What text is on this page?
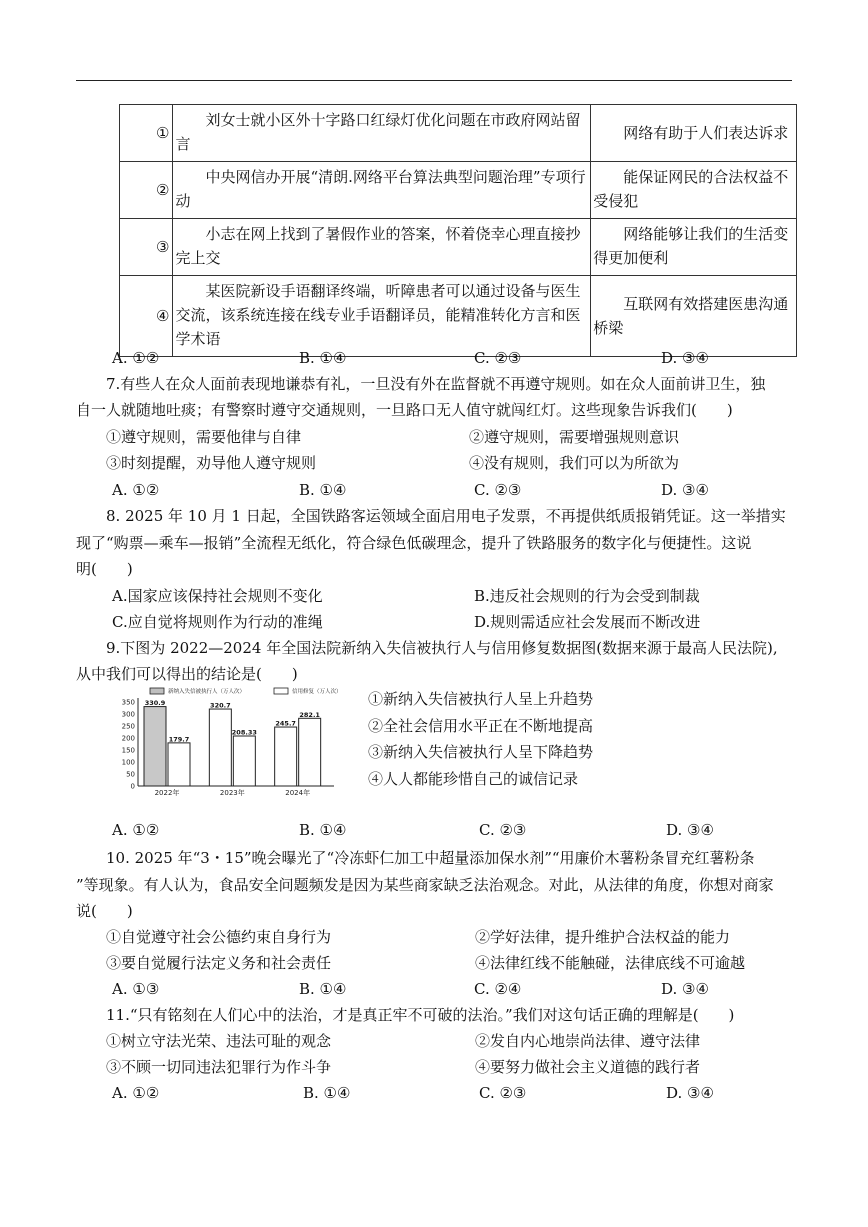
①	刘女士就小区外十字路口红绿灯优化问题在市政府网站留言	网络有助于人们表达诉求
②	中央网信办开展“清朗.网络平台算法典型问题治理”专项行动	能保证网民的合法权益不受侵犯
③	小志在网上找到了暑假作业的答案，怀着侥幸心理直接抄完上交	网络能够让我们的生活变得更加便利
④	某医院新设手语翻译终端，听障患者可以通过设备与医生交流，该系统连接在线专业手语翻译员，能精准转化方言和医学术语	互联网有效搭建医患沟通桥梁
A. ①②	B. ①④	C. ②③	D. ③④
7.有些人在众人面前表现地谦恭有礼，一旦没有外在监督就不再遵守规则。如在众人面前讲卫生，独
自一人就随地吐痰；有警察时遵守交通规则，一旦路口无人值守就闯红灯。这些现象告诉我们(　　)
①遵守规则，需要他律与自律	②遵守规则，需要增强规则意识
③时刻提醒，劝导他人遵守规则	④没有规则，我们可以为所欲为
A. ①②	B. ①④	C. ②③	D. ③④
8. 2025 年 10 月 1 日起，全国铁路客运领域全面启用电子发票，不再提供纸质报销凭证。这一举措实
现了“购票—乘车—报销”全流程无纸化，符合绿色低碳理念，提升了铁路服务的数字化与便捷性。这说
明(　　)
A.国家应该保持社会规则不变化	B.违反社会规则的行为会受到制裁
C.应自觉将规则作为行动的准绳	D.规则需适应社会发展而不断改进
9.下图为 2022—2024 年全国法院新纳入失信被执行人与信用修复数据图(数据来源于最高人民法院),
从中我们可以得出的结论是(　　)
350
300
250
200
150
100
50
0
新纳入失信被执行人（万人次）	信用修复（万人次）
330.9
179.7
2022年
320.7
208.33
2023年
245.7
282.1
2024年
①新纳入失信被执行人呈上升趋势
②全社会信用水平正在不断地提高
③新纳入失信被执行人呈下降趋势
④人人都能珍惜自己的诚信记录
A. ①②	B. ①④	C. ②③	D. ③④
10. 2025 年“3・15”晚会曝光了“冷冻虾仁加工中超量添加保水剂”“用廉价木薯粉条冒充红薯粉条
”等现象。有人认为，食品安全问题频发是因为某些商家缺乏法治观念。对此，从法律的角度，你想对商家
说(　　)
①自觉遵守社会公德约束自身行为	②学好法律，提升维护合法权益的能力
③要自觉履行法定义务和社会责任	④法律红线不能触碰，法律底线不可逾越
A. ①③	B. ①④	C. ②④	D. ③④
11.“只有铭刻在人们心中的法治，才是真正牢不可破的法治。”我们对这句话正确的理解是(　　)
①树立守法光荣、违法可耻的观念	②发自内心地崇尚法律、遵守法律
③不顾一切同违法犯罪行为作斗争	④要努力做社会主义道德的践行者
A. ①②	B. ①④	C. ②③	D. ③④
